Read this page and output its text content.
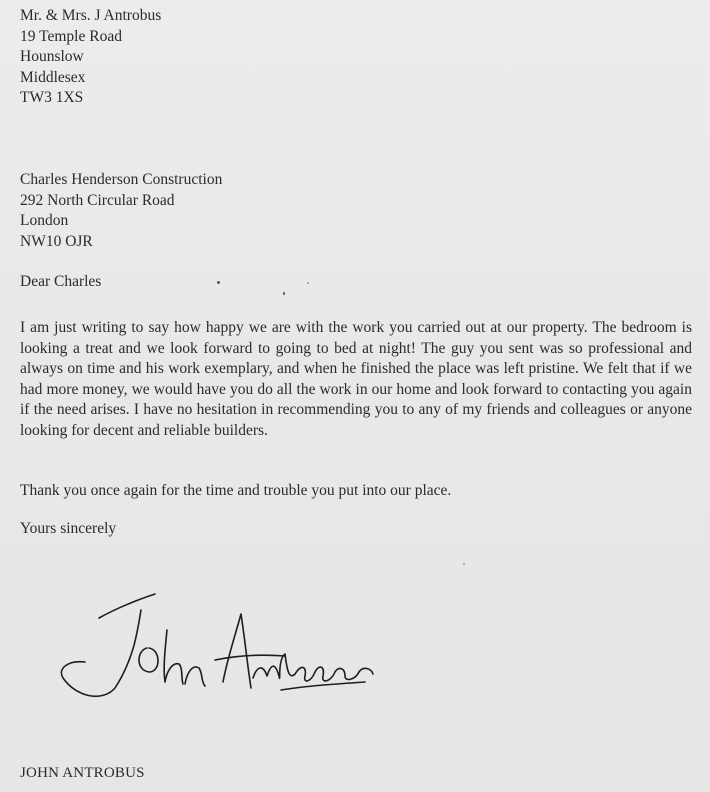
Mr. & Mrs. J Antrobus
19 Temple Road
Hounslow
Middlesex
TW3 1XS
Charles Henderson Construction
292 North Circular Road
London
NW10 OJR
Dear Charles
I am just writing to say how happy we are with the work you carried out at our property. The bedroom is looking a treat and we look forward to going to bed at night! The guy you sent was so professional and always on time and his work exemplary, and when he finished the place was left pristine. We felt that if we had more money, we would have you do all the work in our home and look forward to contacting you again if the need arises. I have no hesitation in recommending you to any of my friends and colleagues or anyone looking for decent and reliable builders.
Thank you once again for the time and trouble you put into our place.
Yours sincerely
JOHN ANTROBUS
